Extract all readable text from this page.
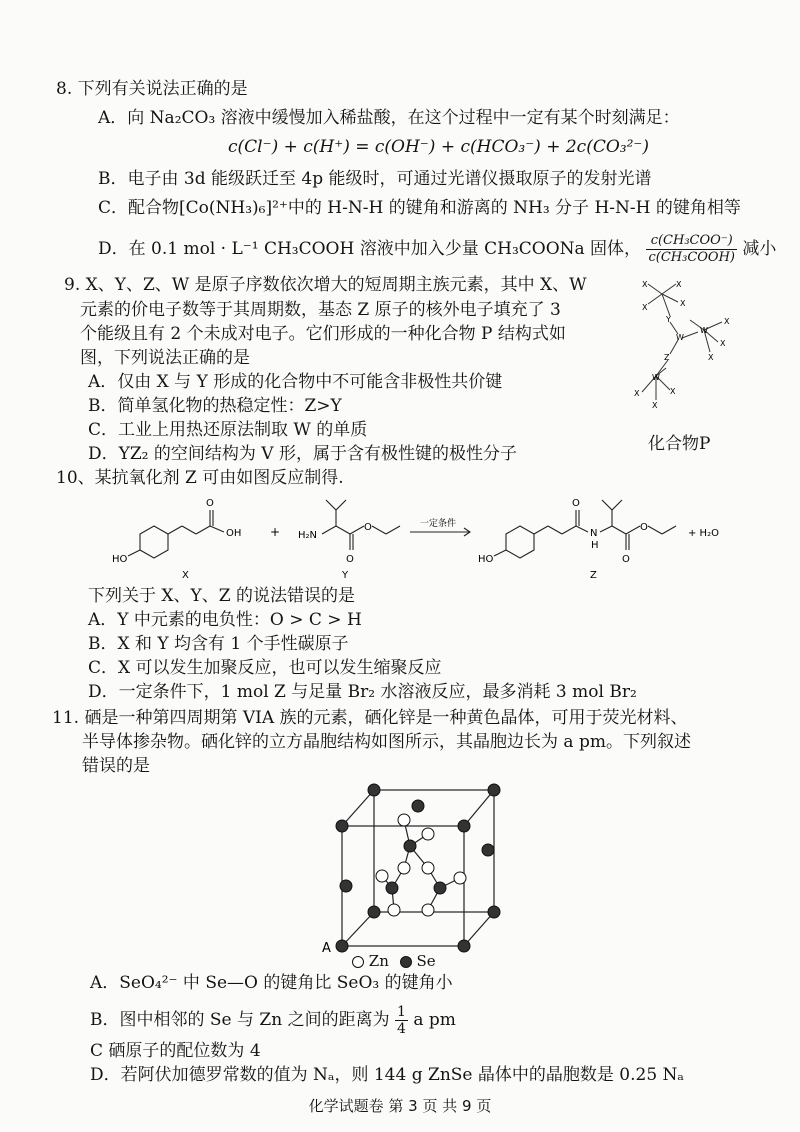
8. 下列有关说法正确的是
A．向 Na₂CO₃ 溶液中缓慢加入稀盐酸，在这个过程中一定有某个时刻满足：
c(Cl⁻) + c(H⁺) = c(OH⁻) + c(HCO₃⁻) + 2c(CO₃²⁻)
B．电子由 3d 能级跃迁至 4p 能级时，可通过光谱仪摄取原子的发射光谱
C．配合物[Co(NH₃)₆]²⁺中的 H-N-H 的键角和游离的 NH₃ 分子 H-N-H 的键角相等
D．在 0.1 mol · L⁻¹ CH₃COOH 溶液中加入少量 CH₃COONa 固体， $\frac{\text{c(CH₃COO⁻)}}{\text{c(CH₃COOH)}}$ 减小
9. X、Y、Z、W 是原子序数依次增大的短周期主族元素，其中 X、W
元素的价电子数等于其周期数，基态 Z 原子的核外电子填充了 3
个能级且有 2 个未成对电子。它们形成的一种化合物 P 结构式如
图，下列说法正确的是
A．仅由 X 与 Y 形成的化合物中不可能含非极性共价键
B．简单氢化物的热稳定性：Z>Y
C．工业上用热还原法制取 W 的单质
D．YZ₂ 的空间结构为 V 形，属于含有极性键的极性分子
X	X
X	X
Y
W
W
X
X
X
Z
W
X	X
X
化合物P
10、某抗氧化剂 Z 可由如图反应制得.
HO
O
OH + H₂N
O
O	一定条件
HO
O
N
H
O
O
+ H₂O
X	Y	Z
下列关于 X、Y、Z 的说法错误的是
A．Y 中元素的电负性：O > C > H
B．X 和 Y 均含有 1 个手性碳原子
C．X 可以发生加聚反应，也可以发生缩聚反应
D．一定条件下，1 mol Z 与足量 Br₂ 水溶液反应，最多消耗 3 mol Br₂
11. 硒是一种第四周期第 VIA 族的元素，硒化锌是一种黄色晶体，可用于荧光材料、
半导体掺杂物。硒化锌的立方晶胞结构如图所示，其晶胞边长为 a pm。下列叙述
错误的是
A
Zn Se
A．SeO₄²⁻ 中 Se—O 的键角比 SeO₃ 的键角小
B．图中相邻的 Se 与 Zn 之间的距离为 $\frac{1}{4}$ a pm
C 硒原子的配位数为 4
D．若阿伏加德罗常数的值为 Nₐ，则 144 g ZnSe 晶体中的晶胞数是 0.25 Nₐ
化学试题卷 第 3 页 共 9 页
